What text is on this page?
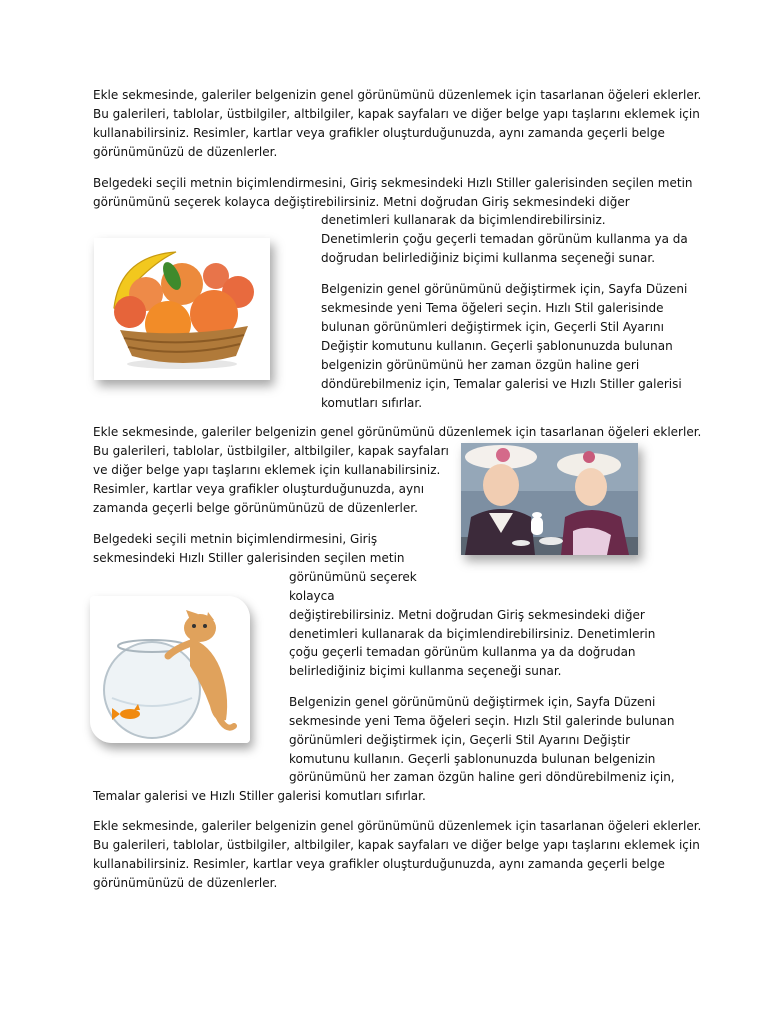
Ekle sekmesinde, galeriler belgenizin genel görünümünü düzenlemek için tasarlanan öğeleri eklerler.

Bu galerileri, tablolar, üstbilgiler, altbilgiler, kapak sayfaları ve diğer belge yapı taşlarını eklemek için

kullanabilirsiniz. Resimler, kartlar veya grafikler oluşturduğunuzda, aynı zamanda geçerli belge

görünümünüzü de düzenlerler.

Belgedeki seçili metnin biçimlendirmesini, Giriş sekmesindeki Hızlı Stiller galerisinden seçilen metin

görünümünü seçerek kolayca değiştirebilirsiniz. Metni doğrudan Giriş sekmesindeki diğer

denetimleri kullanarak da biçimlendirebilirsiniz.

Denetimlerin çoğu geçerli temadan görünüm kullanma ya da

doğrudan belirlediğiniz biçimi kullanma seçeneği sunar.

Belgenizin genel görünümünü değiştirmek için, Sayfa Düzeni

sekmesinde yeni Tema öğeleri seçin. Hızlı Stil galerisinde

bulunan görünümleri değiştirmek için, Geçerli Stil Ayarını

Değiştir komutunu kullanın. Geçerli şablonunuzda bulunan

belgenizin görünümünü her zaman özgün haline geri

döndürebilmeniz için, Temalar galerisi ve Hızlı Stiller galerisi

komutları sıfırlar.

Ekle sekmesinde, galeriler belgenizin genel görünümünü düzenlemek için tasarlanan öğeleri eklerler.

Bu galerileri, tablolar, üstbilgiler, altbilgiler, kapak sayfaları

ve diğer belge yapı taşlarını eklemek için kullanabilirsiniz.

Resimler, kartlar veya grafikler oluşturduğunuzda, aynı

zamanda geçerli belge görünümünüzü de düzenlerler.

Belgedeki seçili metnin biçimlendirmesini, Giriş

sekmesindeki Hızlı Stiller galerisinden seçilen metin

görünümünü seçerek

kolayca

değiştirebilirsiniz. Metni doğrudan Giriş sekmesindeki diğer

denetimleri kullanarak da biçimlendirebilirsiniz. Denetimlerin

çoğu geçerli temadan görünüm kullanma ya da doğrudan

belirlediğiniz biçimi kullanma seçeneği sunar.

Belgenizin genel görünümünü değiştirmek için, Sayfa Düzeni

sekmesinde yeni Tema öğeleri seçin. Hızlı Stil galerinde bulunan

görünümleri değiştirmek için, Geçerli Stil Ayarını Değiştir

komutunu kullanın. Geçerli şablonunuzda bulunan belgenizin

görünümünü her zaman özgün haline geri döndürebilmeniz için,

Temalar galerisi ve Hızlı Stiller galerisi komutları sıfırlar.

Ekle sekmesinde, galeriler belgenizin genel görünümünü düzenlemek için tasarlanan öğeleri eklerler.

Bu galerileri, tablolar, üstbilgiler, altbilgiler, kapak sayfaları ve diğer belge yapı taşlarını eklemek için

kullanabilirsiniz. Resimler, kartlar veya grafikler oluşturduğunuzda, aynı zamanda geçerli belge

görünümünüzü de düzenlerler.
